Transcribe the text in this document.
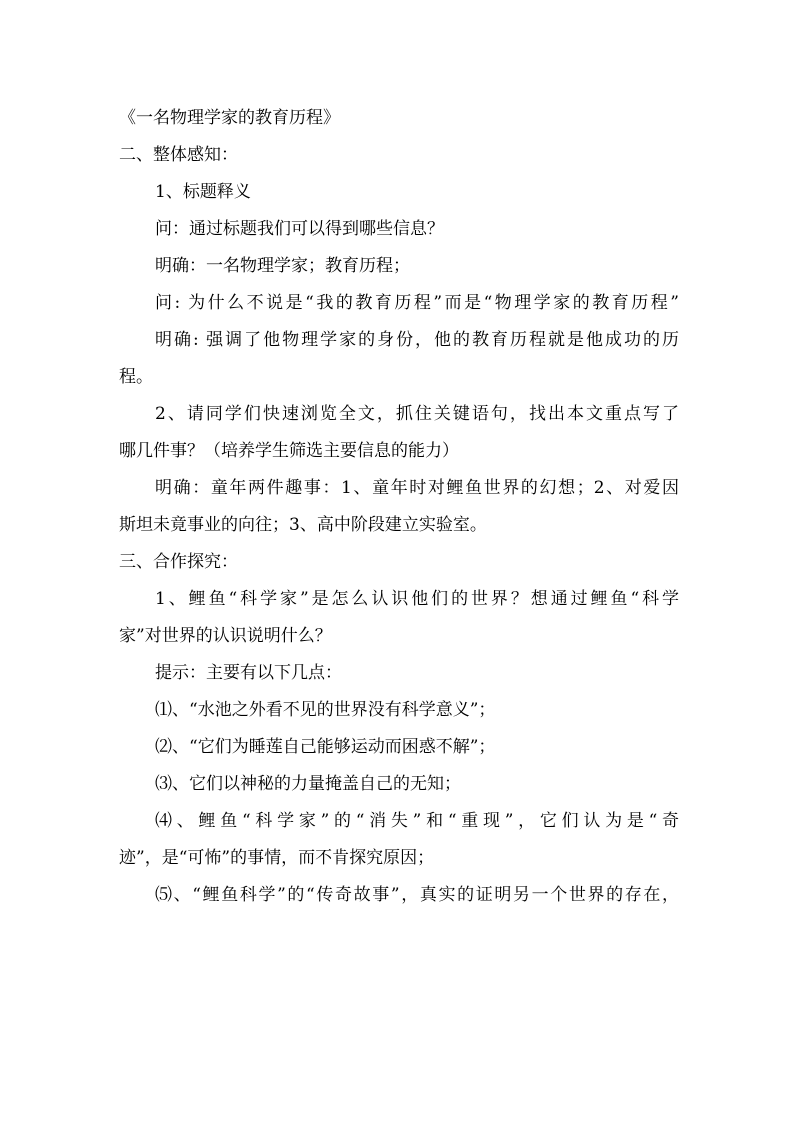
《一名物理学家的教育历程》
二、整体感知：
1、标题释义
问：通过标题我们可以得到哪些信息？
明确：一名物理学家；教育历程；
问: 为什么不说是“我的教育历程”而是“物理学家的教育历程”
明确: 强调了他物理学家的身份，他的教育历程就是他成功的历
程。
2、请同学们快速浏览全文，抓住关键语句，找出本文重点写了
哪几件事？（培养学生筛选主要信息的能力）
明确：童年两件趣事：1、童年时对鲤鱼世界的幻想；2、对爱因
斯坦未竟事业的向往；3、高中阶段建立实验室。
三、合作探究：
1、鲤鱼“科学家”是怎么认识他们的世界？想通过鲤鱼“科学
家”对世界的认识说明什么？
提示：主要有以下几点：
⑴、“水池之外看不见的世界没有科学意义”；
⑵、“它们为睡莲自己能够运动而困惑不解”；
⑶、它们以神秘的力量掩盖自己的无知；
⑷、鲤鱼“科学家”的“消失”和“重现”，它们认为是“奇
迹”，是“可怖”的事情，而不肯探究原因；
⑸、“鲤鱼科学”的“传奇故事”，真实的证明另一个世界的存在，
